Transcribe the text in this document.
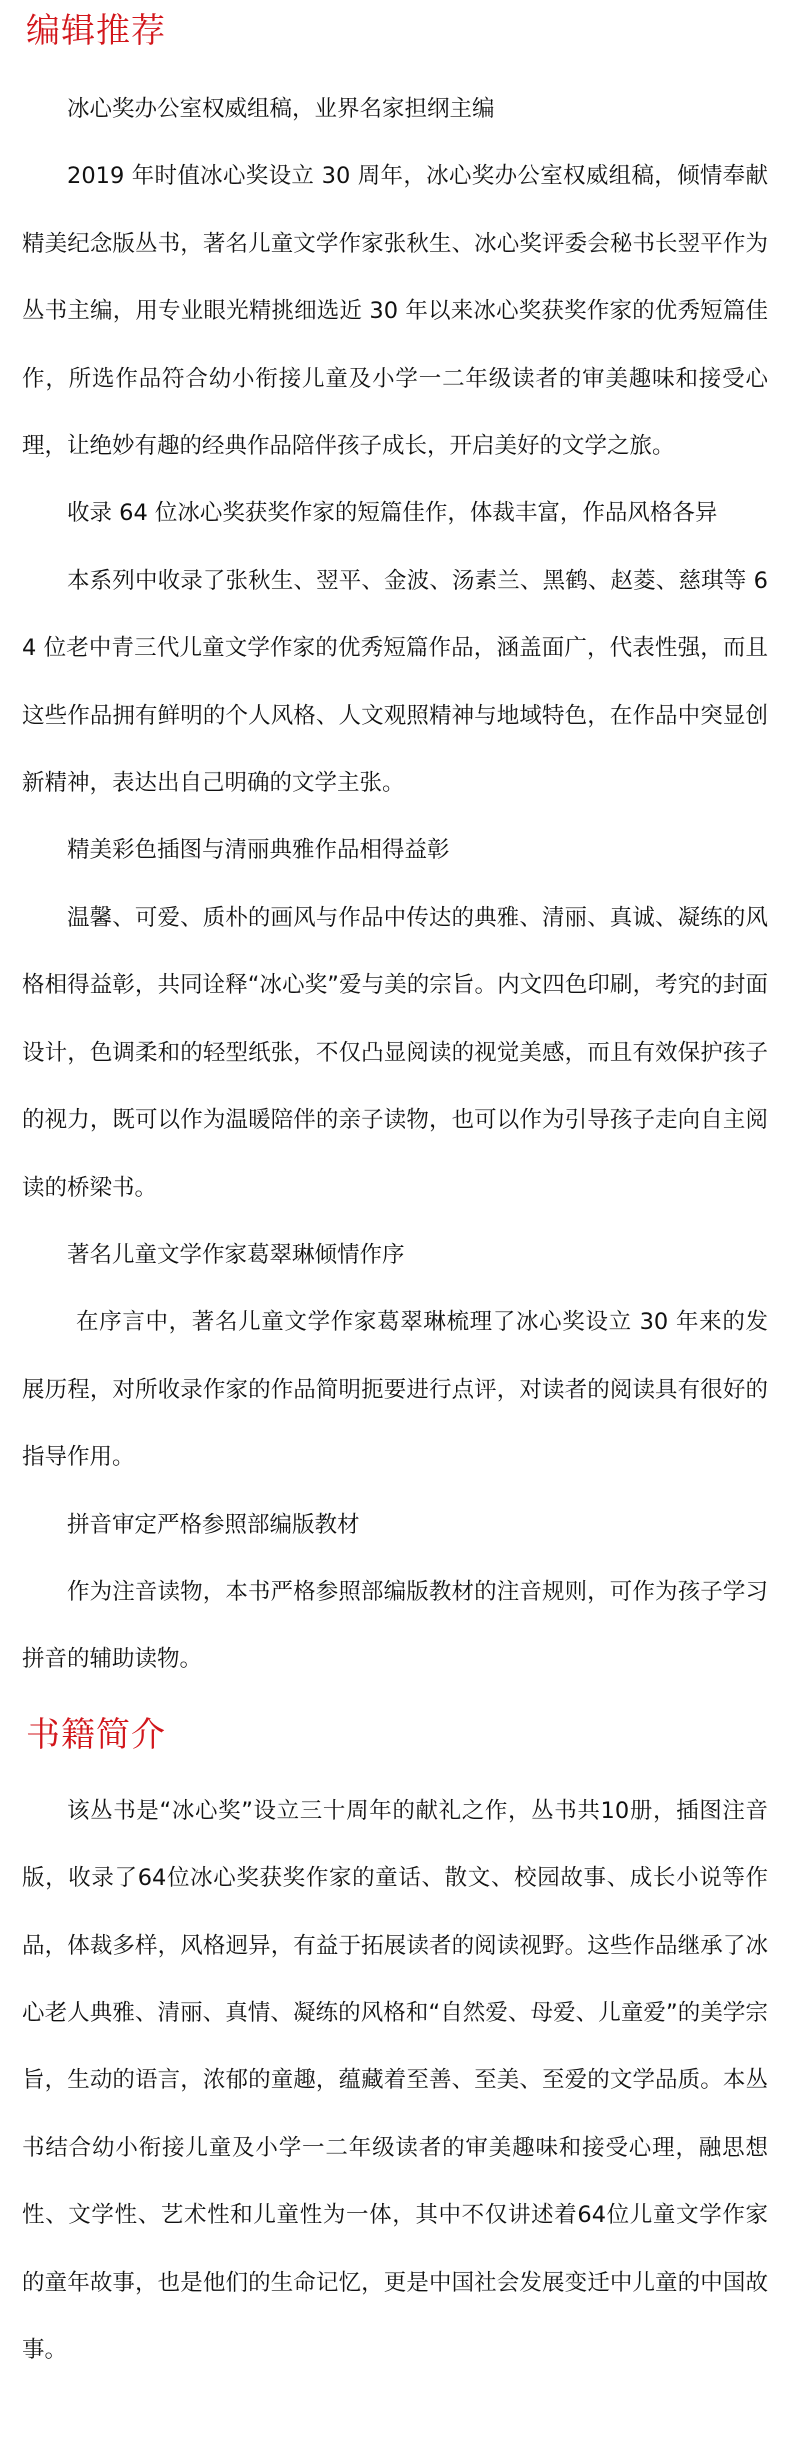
编辑推荐

冰心奖办公室权威组稿，业界名家担纲主编

2019 年时值冰心奖设立 30 周年，冰心奖办公室权威组稿，倾情奉献精美纪念版丛书，著名儿童文学作家张秋生、冰心奖评委会秘书长翌平作为丛书主编，用专业眼光精挑细选近 30 年以来冰心奖获奖作家的优秀短篇佳作，所选作品符合幼小衔接儿童及小学一二年级读者的审美趣味和接受心理，让绝妙有趣的经典作品陪伴孩子成长，开启美好的文学之旅。

收录 64 位冰心奖获奖作家的短篇佳作，体裁丰富，作品风格各异

本系列中收录了张秋生、翌平、金波、汤素兰、黑鹤、赵菱、慈琪等 64 位老中青三代儿童文学作家的优秀短篇作品，涵盖面广，代表性强，而且这些作品拥有鲜明的个人风格、人文观照精神与地域特色，在作品中突显创新精神，表达出自己明确的文学主张。

精美彩色插图与清丽典雅作品相得益彰

温馨、可爱、质朴的画风与作品中传达的典雅、清丽、真诚、凝练的风格相得益彰，共同诠释“冰心奖”爱与美的宗旨。内文四色印刷，考究的封面设计，色调柔和的轻型纸张，不仅凸显阅读的视觉美感，而且有效保护孩子的视力，既可以作为温暖陪伴的亲子读物，也可以作为引导孩子走向自主阅读的桥梁书。

著名儿童文学作家葛翠琳倾情作序

在序言中，著名儿童文学作家葛翠琳梳理了冰心奖设立 30 年来的发展历程，对所收录作家的作品简明扼要进行点评，对读者的阅读具有很好的指导作用。

拼音审定严格参照部编版教材

作为注音读物，本书严格参照部编版教材的注音规则，可作为孩子学习拼音的辅助读物。

书籍简介

该丛书是“冰心奖”设立三十周年的献礼之作，丛书共10册，插图注音版，收录了64位冰心奖获奖作家的童话、散文、校园故事、成长小说等作品，体裁多样，风格迥异，有益于拓展读者的阅读视野。这些作品继承了冰心老人典雅、清丽、真情、凝练的风格和“自然爱、母爱、儿童爱”的美学宗旨，生动的语言，浓郁的童趣，蕴藏着至善、至美、至爱的文学品质。本丛书结合幼小衔接儿童及小学一二年级读者的审美趣味和接受心理，融思想性、文学性、艺术性和儿童性为一体，其中不仅讲述着64位儿童文学作家的童年故事，也是他们的生命记忆，更是中国社会发展变迁中儿童的中国故事。
